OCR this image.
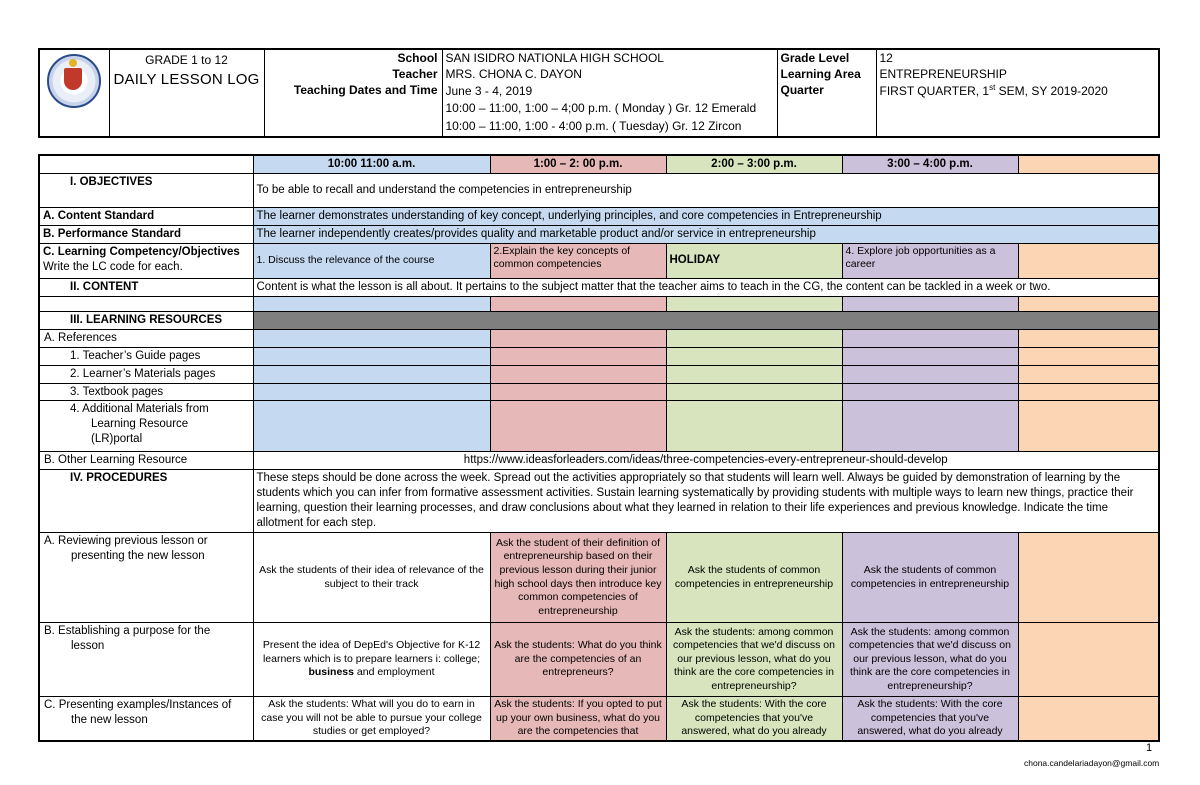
	GRADE 1 to 12
DAILY LESSON LOG	School	SAN ISIDRO NATIONLA HIGH SCHOOL	Grade Level	12
		Teacher	MRS. CHONA C. DAYON	Learning Area	ENTREPRENEURSHIP
		Teaching Dates and Time	June 3 - 4, 2019
10:00 – 11:00, 1:00 – 4;00 p.m. ( Monday ) Gr. 12 Emerald
10:00 – 11:00, 1:00 - 4:00 p.m. ( Tuesday) Gr. 12 Zircon	Quarter	FIRST QUARTER, 1st SEM, SY 2019-2020

	10:00 11:00 a.m.	1:00 – 2: 00 p.m.	2:00 – 3:00 p.m.	3:00 – 4:00 p.m.	
I. OBJECTIVES	To be able to recall and understand the competencies in entrepreneurship				
A. Content Standard	The learner demonstrates understanding of key concept, underlying principles, and core competencies in Entrepreneurship				
B. Performance Standard	The learner independently creates/provides quality and marketable product and/or service in entrepreneurship				

C. Learning Competency/Objectives
Write the LC code for each.	1. Discuss the relevance of the course	2.Explain the key concepts of common competencies	HOLIDAY	4. Explore job opportunities as a career	
II. CONTENT	Content is what the lesson is all about. It pertains to the subject matter that the teacher aims to teach in the CG, the content can be tackled in a week or two.				

III. LEARNING RESOURCES					
A. References					
1. Teacher’s Guide pages					
2. Learner’s Materials pages					
3. Textbook pages					

4. Additional Materials from
Learning Resource
(LR)portal					

B. Other Learning Resource	https://www.ideasforleaders.com/ideas/three-competencies-every-entrepreneur-should-develop				
IV. PROCEDURES	These steps should be done across the week. Spread out the activities appropriately so that students will learn well. Always be guided by demonstration of learning by the students which you can infer from formative assessment activities. Sustain learning systematically by providing students with multiple ways to learn new things, practice their learning, question their learning processes, and draw conclusions about what they learned in relation to their life experiences and previous knowledge. Indicate the time allotment for each step.				

A. Reviewing previous lesson or
presenting the new lesson	Ask the students of their idea of relevance of the subject to their track	Ask the student of their definition of entrepreneurship based on their previous lesson during their junior high school days then introduce key common competencies of entrepreneurship	Ask the students of common competencies in entrepreneurship	Ask the students of common competencies in entrepreneurship	

B. Establishing a purpose for the
lesson	Present the idea of DepEd's Objective for K-12 learners which is to prepare learners i: college; business and employment	Ask the students: What do you think are the competencies of an entrepreneurs?	Ask the students: among common competencies that we'd discuss on our previous lesson, what do you think are the core competencies in entrepreneurship?	Ask the students: among common competencies that we'd discuss on our previous lesson, what do you think are the core competencies in entrepreneurship?	

C. Presenting examples/Instances of
the new lesson	Ask the students: What will you do to earn in case you will not be able to pursue your college studies or get employed?	Ask the students: If you opted to put up your own business, what do you are the competencies that	Ask the students: With the core competencies that you've answered, what do you already	Ask the students: With the core competencies that you've answered, what do you already	
1
chona.candelariadayon@gmail.com
